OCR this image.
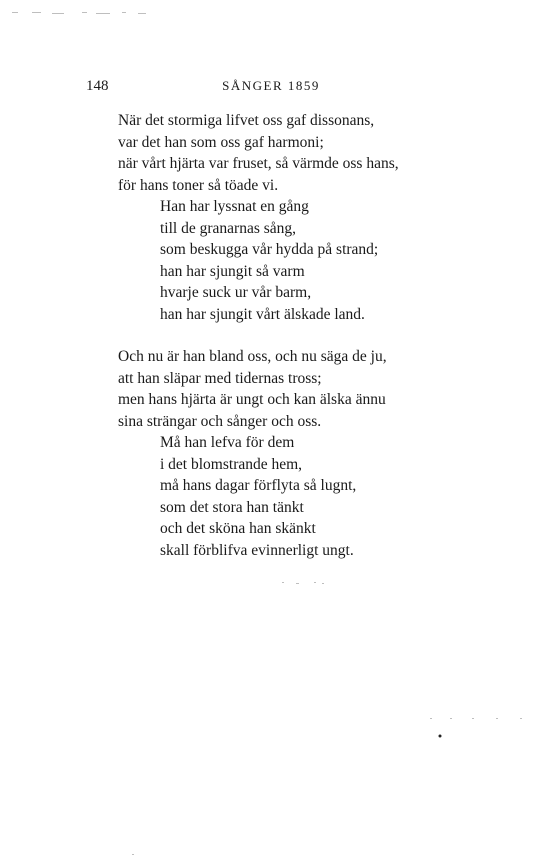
148	SÅNGER 1859
När det stormiga lifvet oss gaf dissonans,
var det han som oss gaf harmoni;
när vårt hjärta var fruset, så värmde oss hans,
för hans toner så töade vi.
Han har lyssnat en gång
till de granarnas sång,
som beskugga vår hydda på strand;
han har sjungit så varm
hvarje suck ur vår barm,
han har sjungit vårt älskade land.
Och nu är han bland oss, och nu säga de ju,
att han släpar med tidernas tross;
men hans hjärta är ungt och kan älska ännu
sina strängar och sånger och oss.
Må han lefva för dem
i det blomstrande hem,
må hans dagar förflyta så lugnt,
som det stora han tänkt
och det sköna han skänkt
skall förblifva evinnerligt ungt.
